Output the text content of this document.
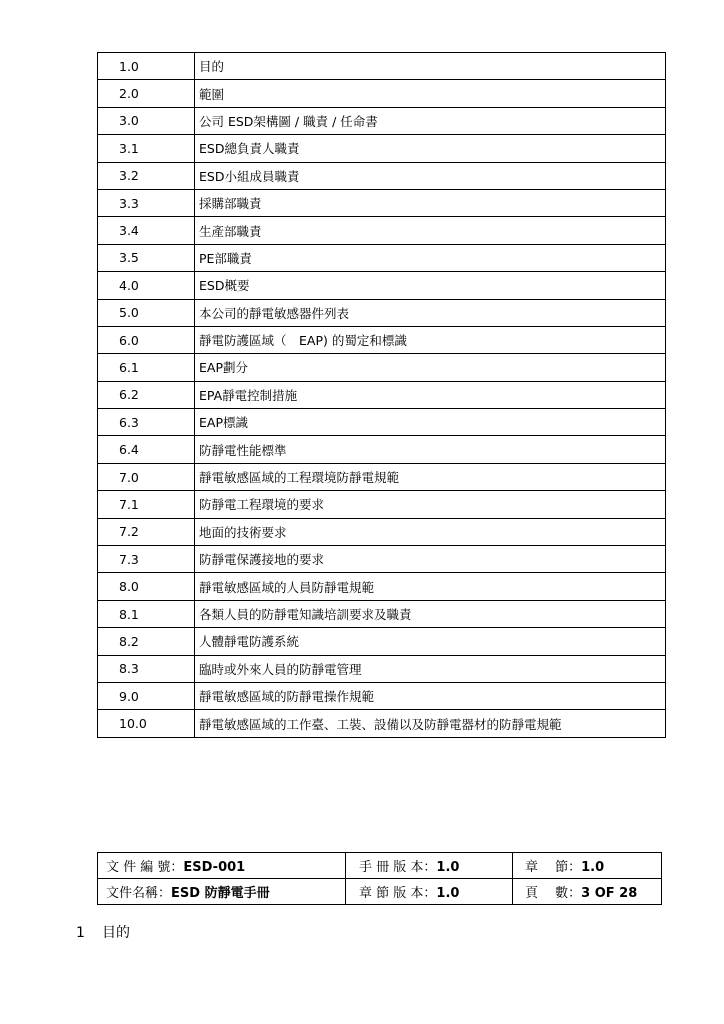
1.0	目的
2.0	範圍
3.0	公司 ESD架構圖 / 職責 / 任命書
3.1	ESD總負責人職責
3.2	ESD小組成員職責
3.3	採購部職責
3.4	生產部職責
3.5	PE部職責
4.0	ESD概要
5.0	本公司的靜電敏感器件列表
6.0	靜電防護區域（　EAP) 的蜀定和標識
6.1	EAP劃分
6.2	EPA靜電控制措施
6.3	EAP標識
6.4	防靜電性能標準
7.0	靜電敏感區域的工程環境防靜電規範
7.1	防靜電工程環境的要求
7.2	地面的技術要求
7.3	防靜電保護接地的要求
8.0	靜電敏感區域的人員防靜電規範
8.1	各類人員的防靜電知識培訓要求及職責
8.2	人體靜電防護系統
8.3	臨時或外來人員的防靜電管理
9.0	靜電敏感區域的防靜電操作規範
10.0	靜電敏感區域的工作臺、工裝、設備以及防靜電器材的防靜電規範
文 件 編 號：ESD-001	手 冊 版 本：1.0	章　 節：1.0
文件名稱：ESD 防靜電手冊	章 節 版 本：1.0	頁　 數：3 OF 28
1 目的
